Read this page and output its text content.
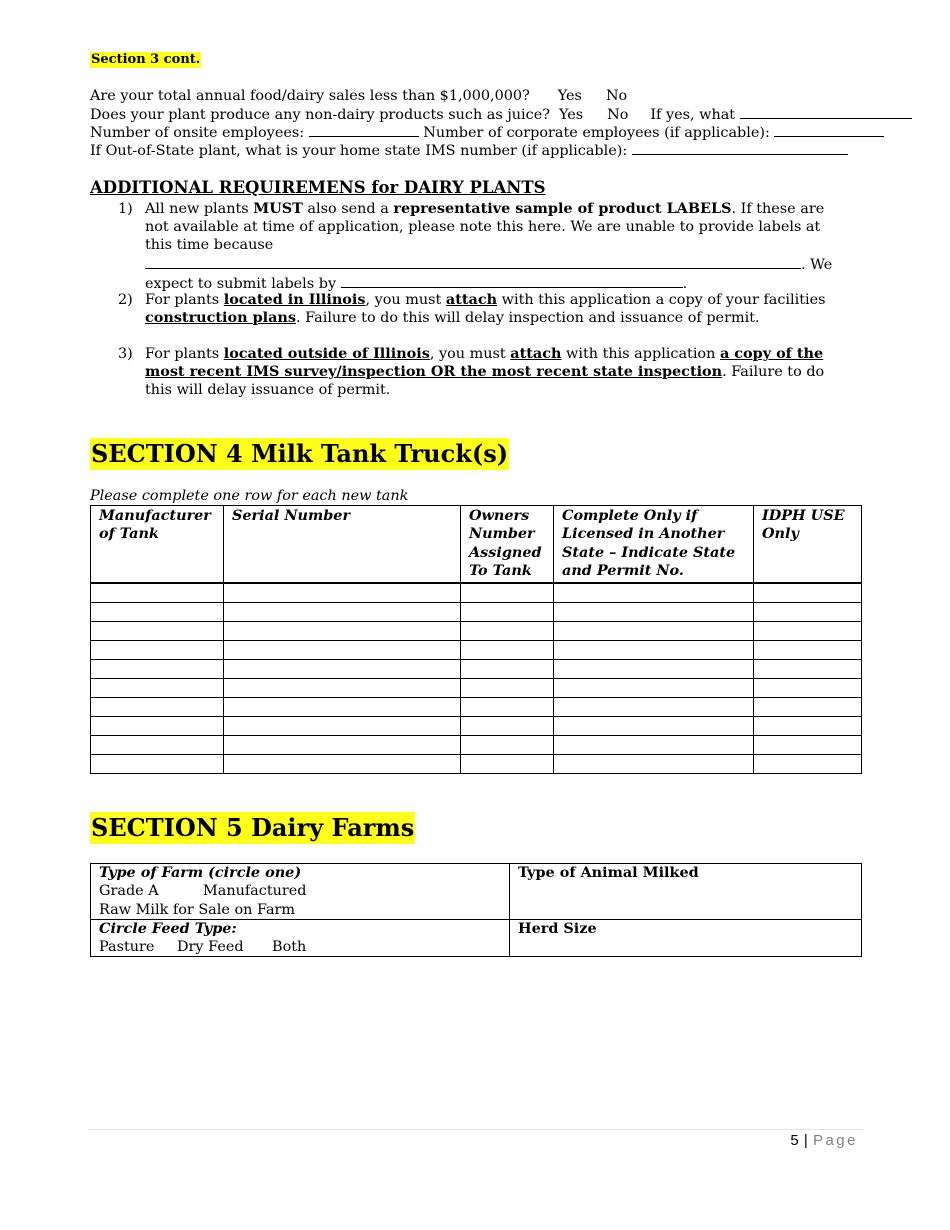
Section 3 cont.
Are your total annual food/dairy sales less than $1,000,000? Yes No
Does your plant produce any non-dairy products such as juice? Yes No If yes, what
Number of onsite employees:	Number of corporate employees (if applicable):
If Out-of-State plant, what is your home state IMS number (if applicable):
ADDITIONAL REQUIREMENS for DAIRY PLANTS
1) All new plants MUST also send a representative sample of product LABELS. If these are not available at time of application, please note this here. We are unable to provide labels at this time because
. We
expect to submit labels by	.
2) For plants located in Illinois, you must attach with this application a copy of your facilities construction plans. Failure to do this will delay inspection and issuance of permit.
3) For plants located outside of Illinois, you must attach with this application a copy of the most recent IMS survey/inspection OR the most recent state inspection. Failure to do this will delay issuance of permit.
SECTION 4 Milk Tank Truck(s)
Please complete one row for each new tank
Manufacturer of Tank	Serial Number	Owners Number Assigned To Tank	Complete Only if Licensed in Another State – Indicate State and Permit No.	IDPH USE Only

SECTION 5 Dairy Farms
Type of Farm (circle one)
Grade A ManufacturedRaw Milk for Sale on Farm	Type of Animal Milked

Circle Feed Type:
Pasture Dry Feed Both	Herd Size
5 | Page
